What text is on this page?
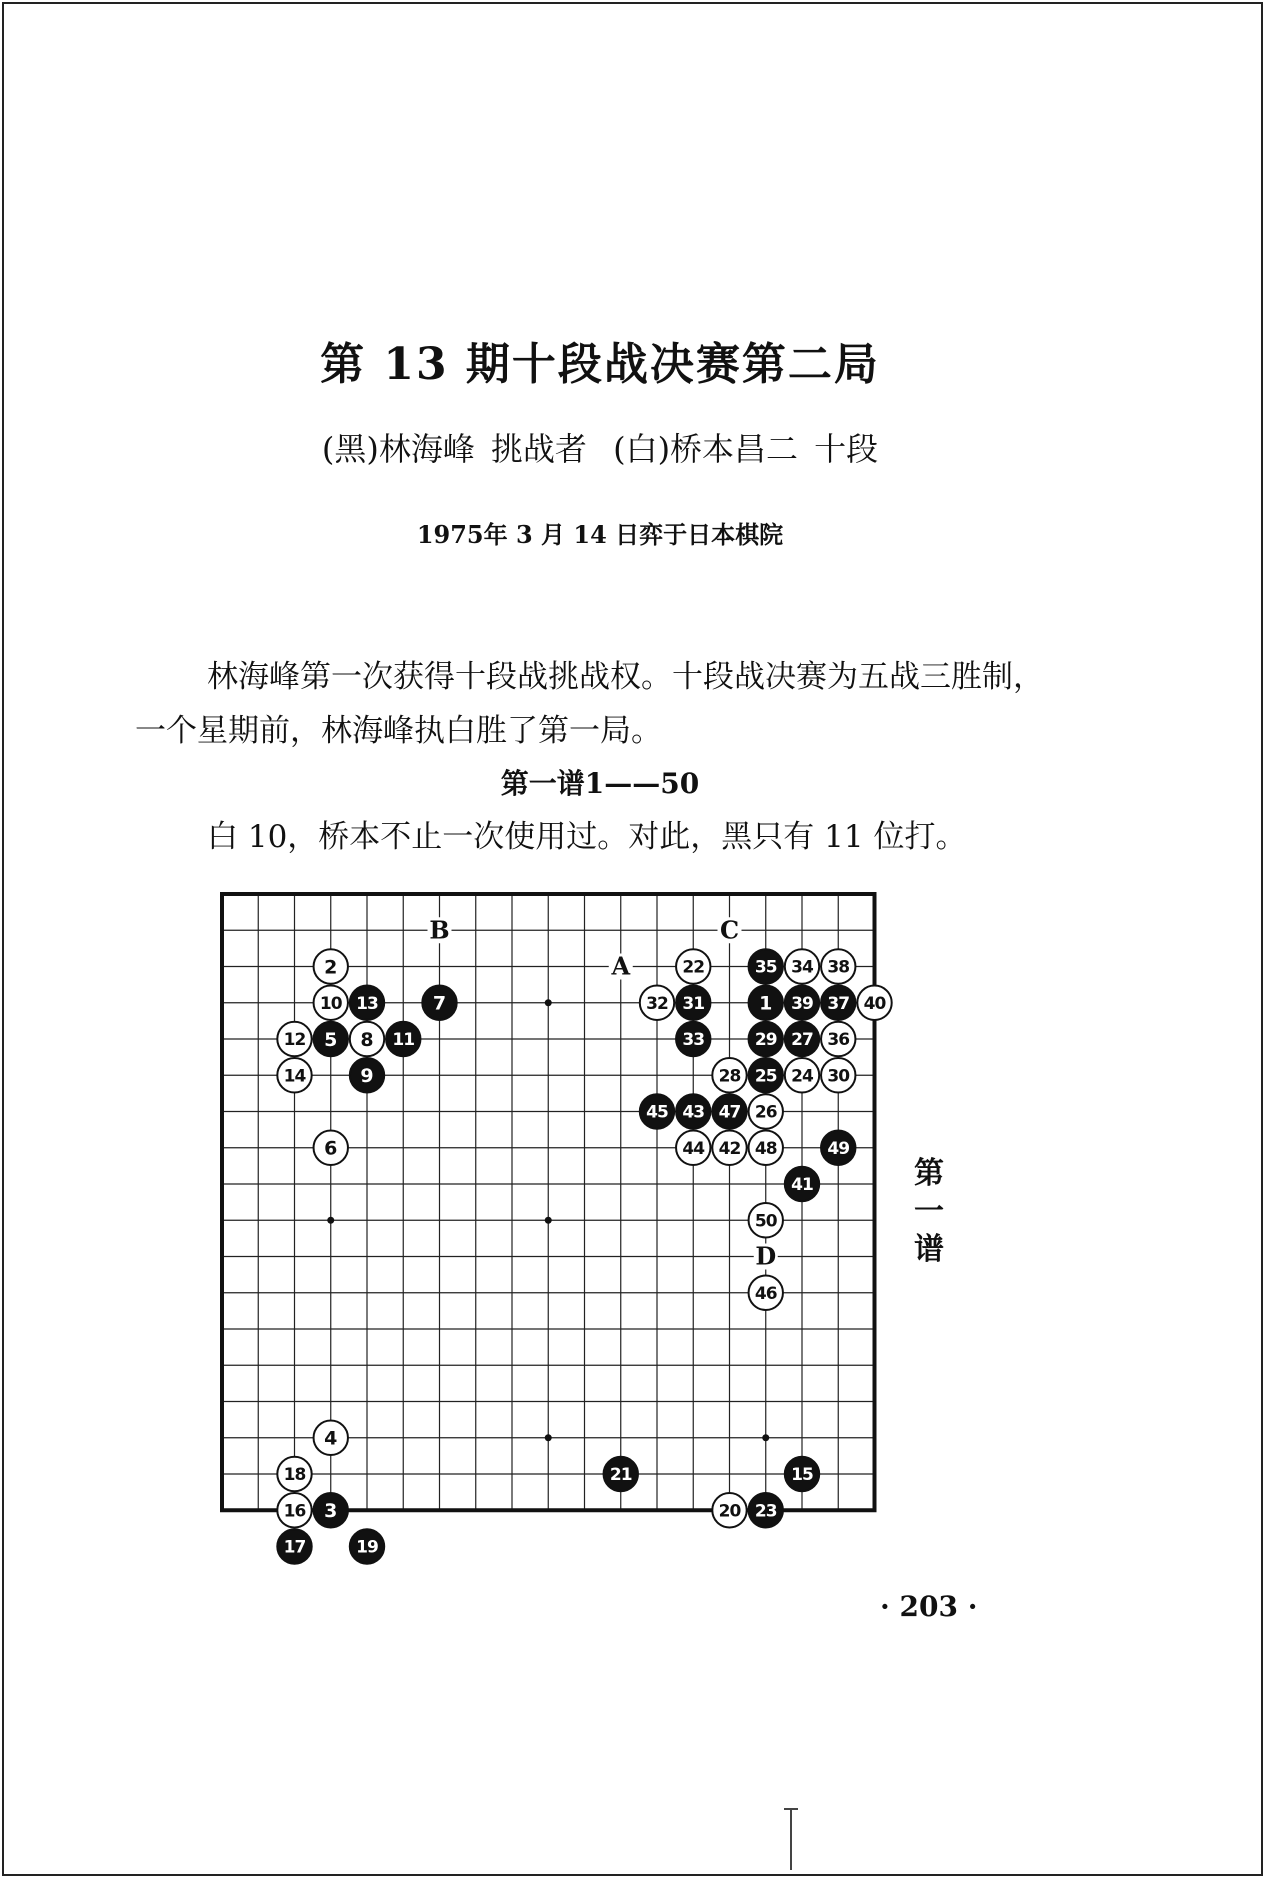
第 13 期十段战决赛第二局
(黑)林海峰 挑战者 (白)桥本昌二 十段
1975年 3 月 14 日弈于日本棋院
林海峰第一次获得十段战挑战权。十段战决赛为五战三胜制，一个星期前，林海峰执白胜了第一局。
第一谱1——50
白 10，桥本不止一次使用过。对此，黑只有 11 位打。
B	C
A
D
1
2
3
4
5
6
7
8
9
10
11
12
13
14
15
16
17
18
19
20
21
22
23
24
25
26
27
28
29
30
31
32
33
34
35
36
37
38
39	40
41
42
43
44
45
46
47
48	49
50
第一谱
· 203 ·
